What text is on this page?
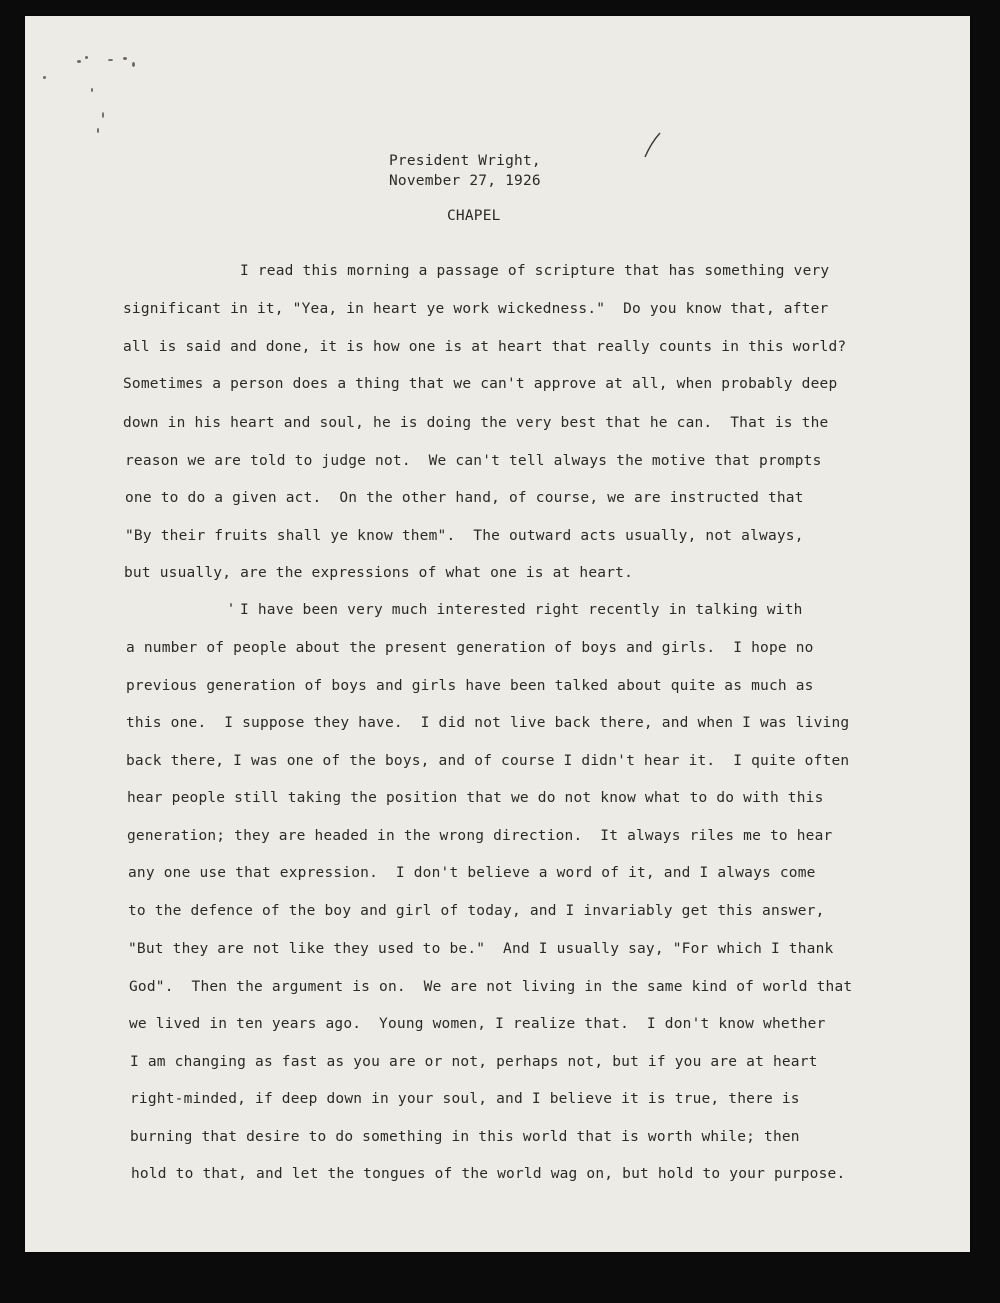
President Wright,
November 27, 1926
CHAPEL
I read this morning a passage of scripture that has something very
significant in it, "Yea, in heart ye work wickedness."  Do you know that, after
all is said and done, it is how one is at heart that really counts in this world?
Sometimes a person does a thing that we can't approve at all, when probably deep
down in his heart and soul, he is doing the very best that he can.  That is the
reason we are told to judge not.  We can't tell always the motive that prompts
one to do a given act.  On the other hand, of course, we are instructed that
"By their fruits shall ye know them".  The outward acts usually, not always,
but usually, are the expressions of what one is at heart.
I have been very much interested right recently in talking with
a number of people about the present generation of boys and girls.  I hope no
previous generation of boys and girls have been talked about quite as much as
this one.  I suppose they have.  I did not live back there, and when I was living
back there, I was one of the boys, and of course I didn't hear it.  I quite often
hear people still taking the position that we do not know what to do with this
generation; they are headed in the wrong direction.  It always riles me to hear
any one use that expression.  I don't believe a word of it, and I always come
to the defence of the boy and girl of today, and I invariably get this answer,
"But they are not like they used to be."  And I usually say, "For which I thank
God".  Then the argument is on.  We are not living in the same kind of world that
we lived in ten years ago.  Young women, I realize that.  I don't know whether
I am changing as fast as you are or not, perhaps not, but if you are at heart
right-minded, if deep down in your soul, and I believe it is true, there is
burning that desire to do something in this world that is worth while; then
hold to that, and let the tongues of the world wag on, but hold to your purpose.
